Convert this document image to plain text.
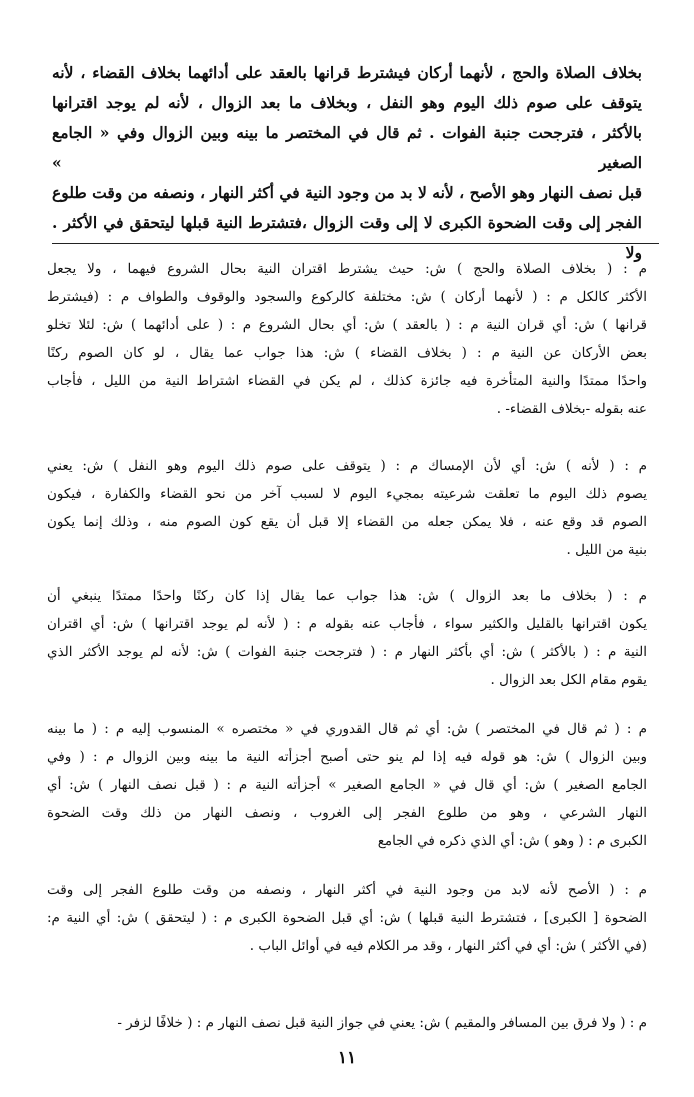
بخلاف الصلاة والحج ، لأنهما أركان فيشترط قرانها بالعقد على أدائهما بخلاف القضاء ، لأنه

يتوقف على صوم ذلك اليوم وهو النفل ، وبخلاف ما بعد الزوال ، لأنه لم يوجد اقترانها

بالأكثر ، فترجحت جنبة الفوات . ثم قال في المختصر ما بينه وبين الزوال وفي « الجامع الصغير »

قبل نصف النهار وهو الأصح ، لأنه لا بد من وجود النية في أكثر النهار ، ونصفه من وقت طلوع

الفجر إلى وقت الضحوة الكبرى لا إلى وقت الزوال ،فتشترط النية قبلها ليتحقق في الأكثر . ولا

م : ( بخلاف الصلاة والحج ) ش: حيث يشترط اقتران النية بحال الشروع فيهما ، ولا يجعل

الأكثر كالكل م : ( لأنهما أركان ) ش: مختلفة كالركوع والسجود والوقوف والطواف م : (فيشترط

قرانها ) ش: أي قران النية م : ( بالعقد ) ش: أي بحال الشروع م : ( على أدائهما ) ش: لئلا تخلو

بعض الأركان عن النية م : ( بخلاف القضاء ) ش: هذا جواب عما يقال ، لو كان الصوم ركنًا

واحدًا ممتدًا والنية المتأخرة فيه جائزة كذلك ، لم يكن في القضاء اشتراط النية من الليل ، فأجاب

عنه بقوله -بخلاف القضاء- .

م : ( لأنه ) ش: أي لأن الإمساك م : ( يتوقف على صوم ذلك اليوم وهو النفل ) ش: يعني

يصوم ذلك اليوم ما تعلقت شرعيته بمجيء اليوم لا لسبب آخر من نحو القضاء والكفارة ، فيكون

الصوم قد وقع عنه ، فلا يمكن جعله من القضاء إلا قبل أن يقع كون الصوم منه ، وذلك إنما يكون

بنية من الليل .

م : ( بخلاف ما بعد الزوال ) ش: هذا جواب عما يقال إذا كان ركنًا واحدًا ممتدًا ينبغي أن

يكون اقترانها بالقليل والكثير سواء ، فأجاب عنه بقوله م : ( لأنه لم يوجد اقترانها ) ش: أي اقتران

النية م : ( بالأكثر ) ش: أي بأكثر النهار م : ( فترجحت جنبة الفوات ) ش: لأنه لم يوجد الأكثر الذي

يقوم مقام الكل بعد الزوال .

م : ( ثم قال في المختصر ) ش: أي ثم قال القدوري في « مختصره » المنسوب إليه م : ( ما بينه

وبين الزوال ) ش: هو قوله فيه إذا لم ينو حتى أصبح أجزأته النية ما بينه وبين الزوال م : ( وفي

الجامع الصغير ) ش: أي قال في « الجامع الصغير » أجزأته النية م : ( قبل نصف النهار ) ش: أي

النهار الشرعي ، وهو من طلوع الفجر إلى الغروب ، ونصف النهار من ذلك وقت الضحوة

الكبرى م : ( وهو ) ش: أي الذي ذكره في الجامع

م : ( الأصح لأنه لابد من وجود النية في أكثر النهار ، ونصفه من وقت طلوع الفجر إلى وقت

الضحوة [ الكبرى] ، فتشترط النية قبلها ) ش: أي قبل الضحوة الكبرى م : ( ليتحقق ) ش: أي النية م:

(في الأكثر ) ش: أي في أكثر النهار ، وقد مر الكلام فيه في أوائل الباب .

م : ( ولا فرق بين المسافر والمقيم ) ش: يعني في جواز النية قبل نصف النهار م : ( خلافًا لزفر -

١١
